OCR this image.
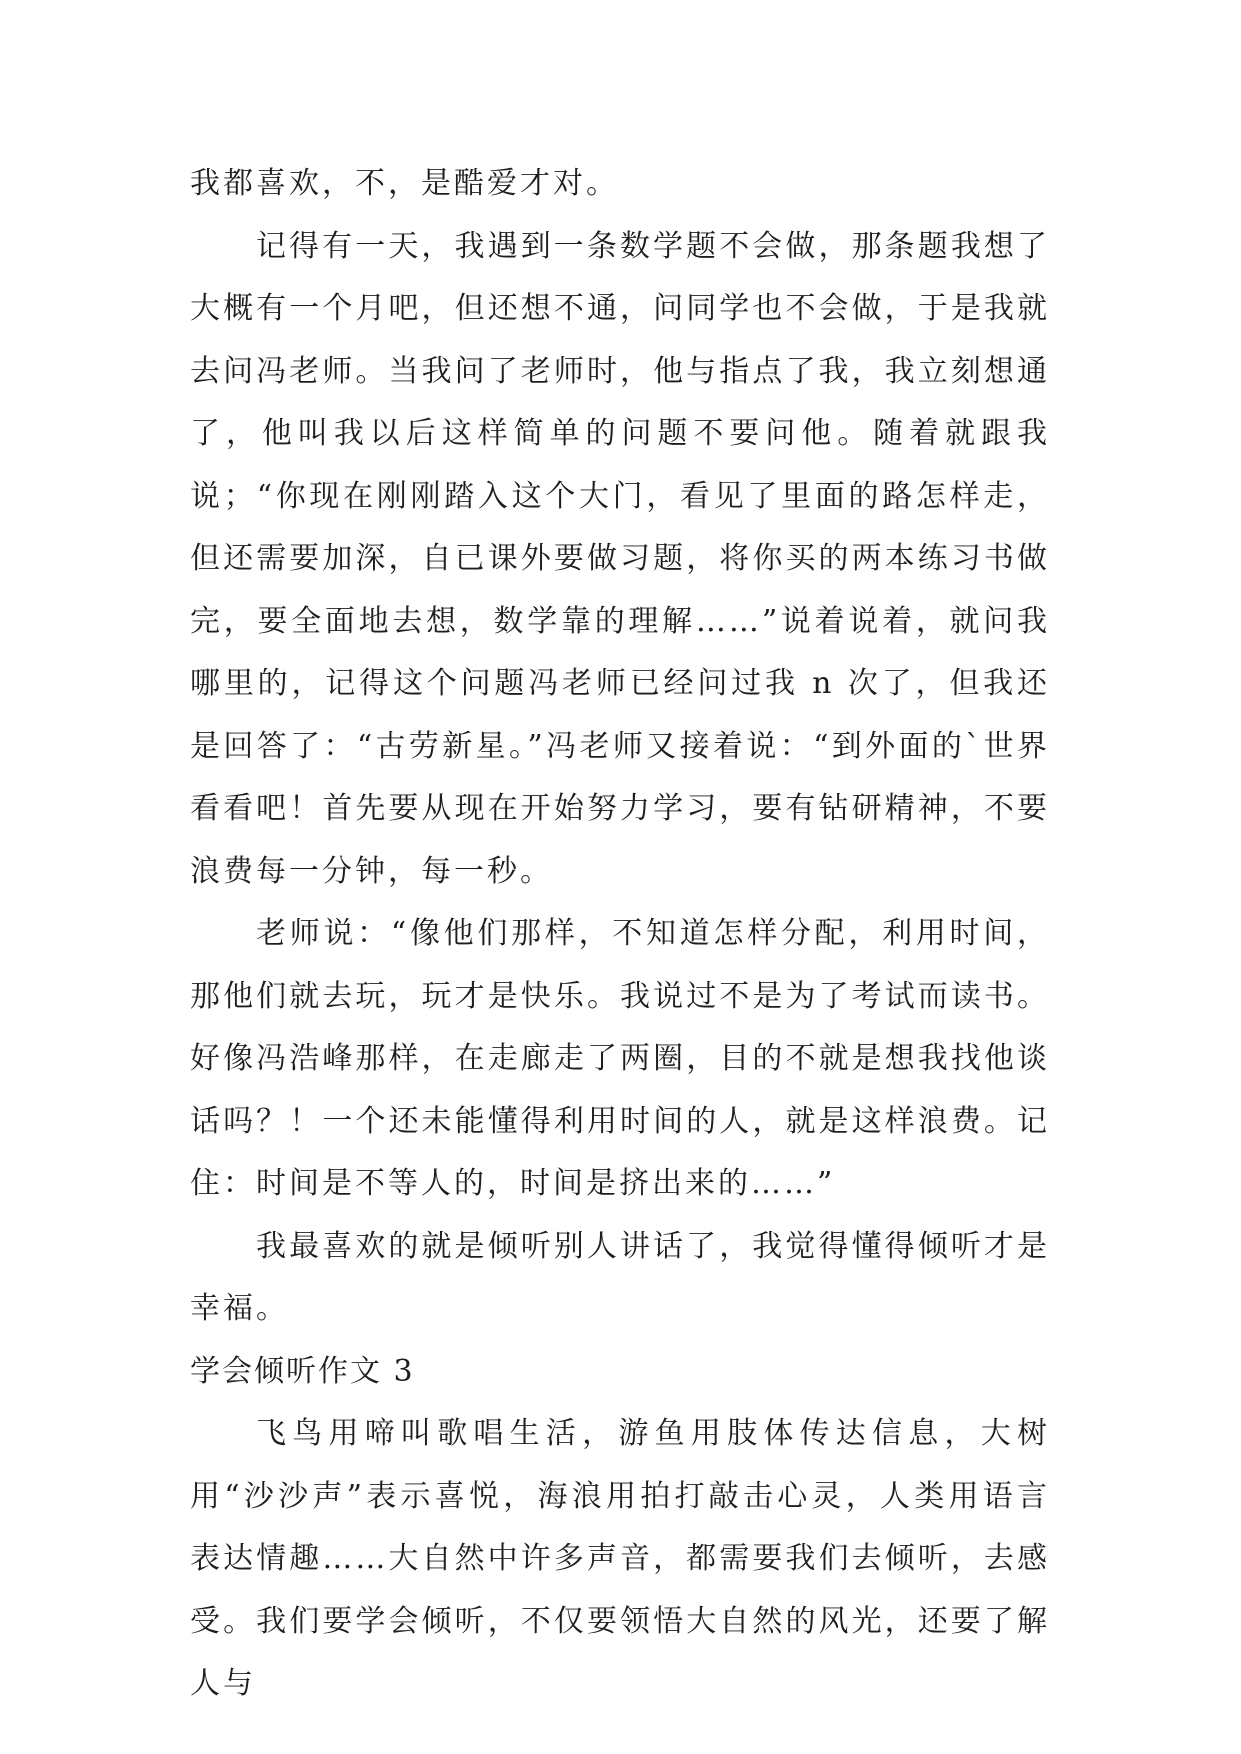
我都喜欢，不，是酷爱才对。

记得有一天，我遇到一条数学题不会做，那条题我想了大概有一个月吧，但还想不通，问同学也不会做，于是我就去问冯老师。当我问了老师时，他与指点了我，我立刻想通了，他叫我以后这样简单的问题不要问他。随着就跟我说；“你现在刚刚踏入这个大门，看见了里面的路怎样走，但还需要加深，自已课外要做习题，将你买的两本练习书做完，要全面地去想，数学靠的理解……”说着说着，就问我哪里的，记得这个问题冯老师已经问过我 n 次了，但我还是回答了：“古劳新星。”冯老师又接着说：“到外面的`世界看看吧！首先要从现在开始努力学习，要有钻研精神，不要浪费每一分钟，每一秒。

老师说：“像他们那样，不知道怎样分配，利用时间，那他们就去玩，玩才是快乐。我说过不是为了考试而读书。好像冯浩峰那样，在走廊走了两圈，目的不就是想我找他谈话吗？！一个还未能懂得利用时间的人，就是这样浪费。记住：时间是不等人的，时间是挤出来的……”

我最喜欢的就是倾听别人讲话了，我觉得懂得倾听才是幸福。

学会倾听作文 3

飞鸟用啼叫歌唱生活，游鱼用肢体传达信息，大树用“沙沙声”表示喜悦，海浪用拍打敲击心灵，人类用语言表达情趣……大自然中许多声音，都需要我们去倾听，去感受。我们要学会倾听，不仅要领悟大自然的风光，还要了解人与
